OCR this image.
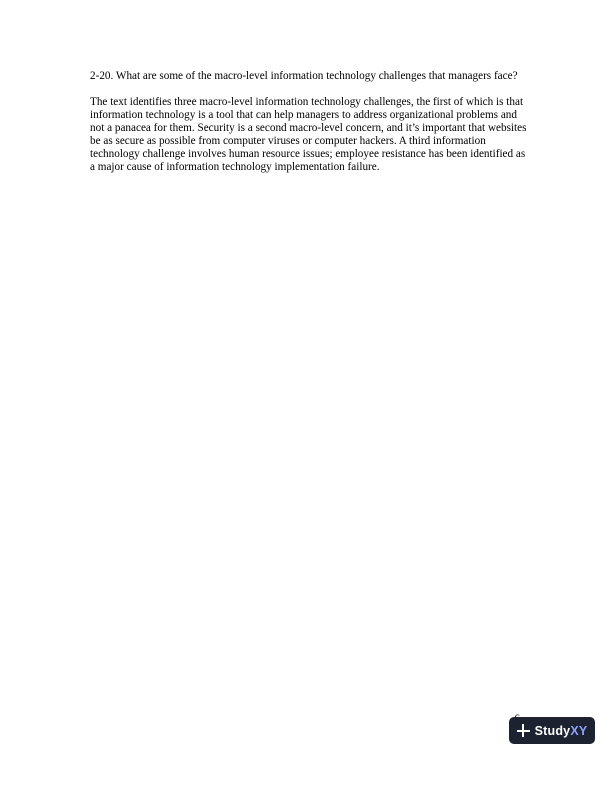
2-20. What are some of the macro-level information technology challenges that managers face?

The text identifies three macro-level information technology challenges, the first of which is that information technology is a tool that can help managers to address organizational problems and not a panacea for them. Security is a second macro-level concern, and it’s important that websites be as secure as possible from computer viruses or computer hackers. A third information technology challenge involves human resource issues; employee resistance has been identified as a major cause of information technology implementation failure.

StudyXY
